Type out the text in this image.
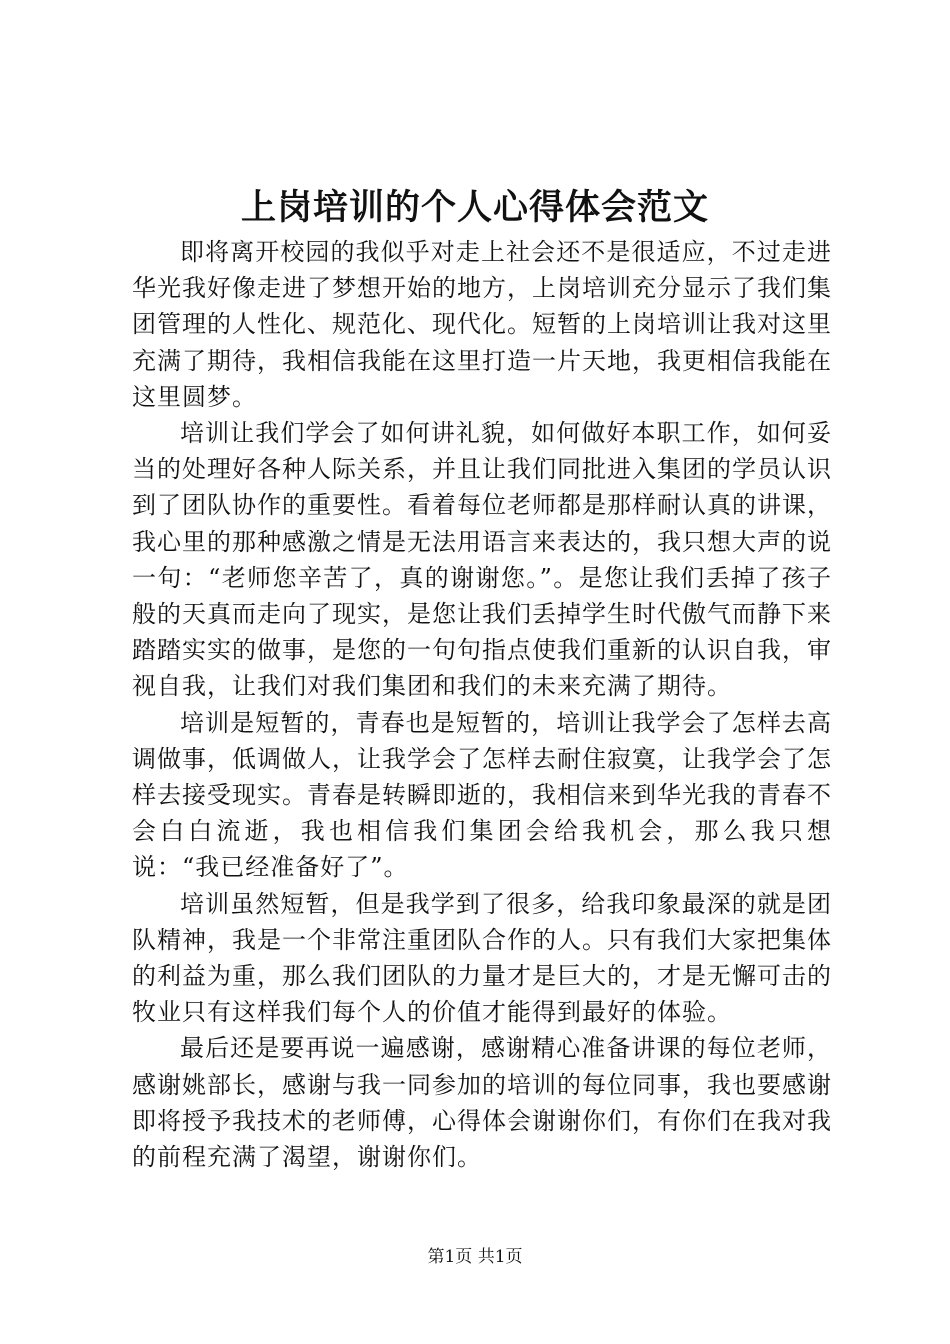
上岗培训的个人心得体会范文

即将离开校园的我似乎对走上社会还不是很适应，不过走进华光我好像走进了梦想开始的地方，上岗培训充分显示了我们集团管理的人性化、规范化、现代化。短暂的上岗培训让我对这里充满了期待，我相信我能在这里打造一片天地，我更相信我能在这里圆梦。

培训让我们学会了如何讲礼貌，如何做好本职工作，如何妥当的处理好各种人际关系，并且让我们同批进入集团的学员认识到了团队协作的重要性。看着每位老师都是那样耐认真的讲课，我心里的那种感激之情是无法用语言来表达的，我只想大声的说一句：“老师您辛苦了，真的谢谢您。”。是您让我们丢掉了孩子般的天真而走向了现实，是您让我们丢掉学生时代傲气而静下来踏踏实实的做事，是您的一句句指点使我们重新的认识自我，审视自我，让我们对我们集团和我们的未来充满了期待。

培训是短暂的，青春也是短暂的，培训让我学会了怎样去高调做事，低调做人，让我学会了怎样去耐住寂寞，让我学会了怎样去接受现实。青春是转瞬即逝的，我相信来到华光我的青春不会白白流逝，我也相信我们集团会给我机会，那么我只想说：“我已经准备好了”。

培训虽然短暂，但是我学到了很多，给我印象最深的就是团队精神，我是一个非常注重团队合作的人。只有我们大家把集体的利益为重，那么我们团队的力量才是巨大的，才是无懈可击的牧业只有这样我们每个人的价值才能得到最好的体验。

最后还是要再说一遍感谢，感谢精心准备讲课的每位老师，感谢姚部长，感谢与我一同参加的培训的每位同事，我也要感谢即将授予我技术的老师傅，心得体会谢谢你们，有你们在我对我的前程充满了渴望，谢谢你们。

第1页 共1页
